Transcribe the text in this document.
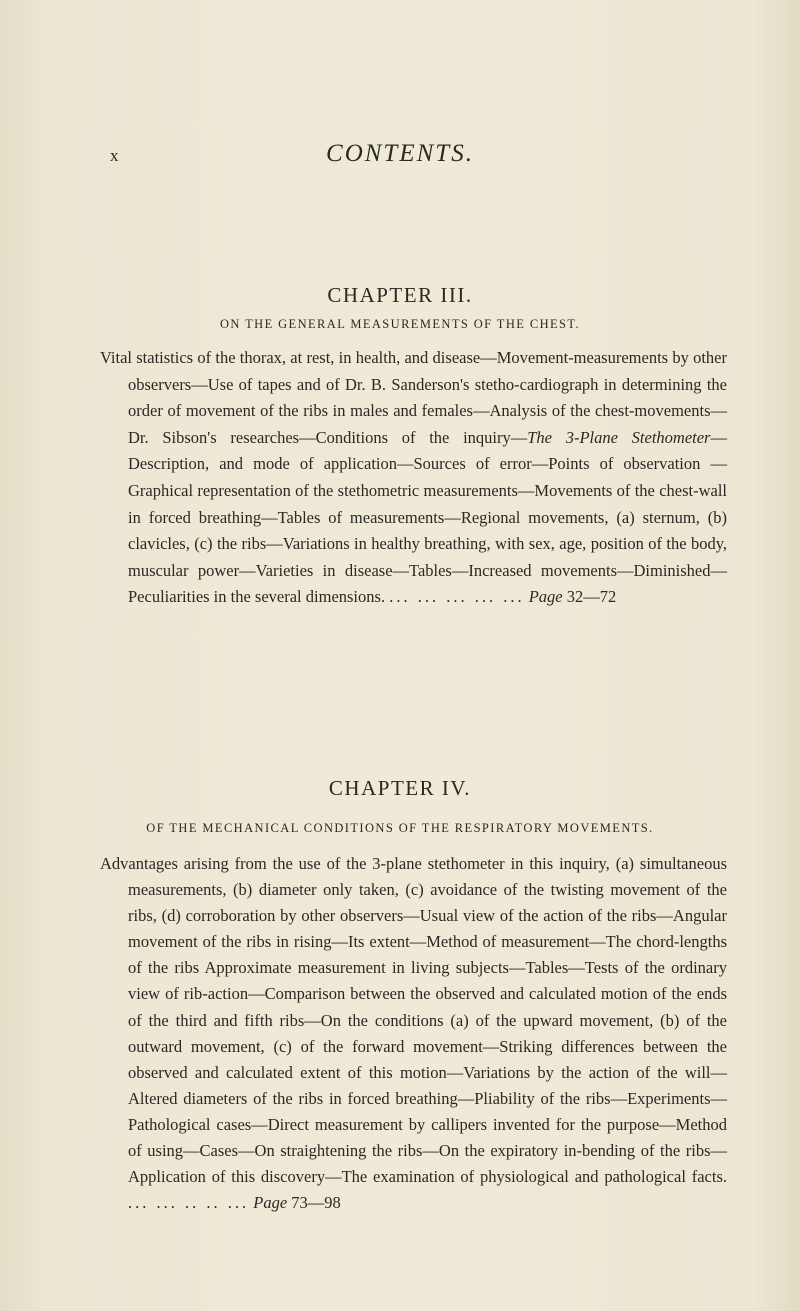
x	CONTENTS.
CHAPTER III.
ON THE GENERAL MEASUREMENTS OF THE CHEST.

Vital statistics of the thorax, at rest, in health, and disease—Movement-measurements by other observers—Use of tapes and of Dr. B. Sanderson's stetho-cardiograph in determining the order of movement of the ribs in males and females—Analysis of the chest-movements—Dr. Sibson's researches—Conditions of the inquiry—The 3-Plane Stethometer—Description, and mode of application—Sources of error—Points of observation — Graphical representation of the stethometric measurements—Movements of the chest-wall in forced breathing—Tables of measurements—Regional movements, (a) sternum, (b) clavicles, (c) the ribs—Variations in healthy breathing, with sex, age, position of the body, muscular power—Varieties in disease—Tables—Increased movements—Diminished—Peculiarities in the several dimensions. ... ... ... ... ... Page 32—72

CHAPTER IV.
OF THE MECHANICAL CONDITIONS OF THE RESPIRATORY MOVEMENTS.

Advantages arising from the use of the 3-plane stethometer in this inquiry, (a) simultaneous measurements, (b) diameter only taken, (c) avoidance of the twisting movement of the ribs, (d) corroboration by other observers—Usual view of the action of the ribs—Angular movement of the ribs in rising—Its extent—Method of measurement—The chord-lengths of the ribs Approximate measurement in living subjects—Tables—Tests of the ordinary view of rib-action—Comparison between the observed and calculated motion of the ends of the third and fifth ribs—On the conditions (a) of the upward movement, (b) of the outward movement, (c) of the forward movement—Striking differences between the observed and calculated extent of this motion—Variations by the action of the will—Altered diameters of the ribs in forced breathing—Pliability of the ribs—Experiments—Pathological cases—Direct measurement by callipers invented for the purpose—Method of using—Cases—On straightening the ribs—On the expiratory in-bending of the ribs—Application of this discovery—The examination of physiological and pathological facts. ... ... .. .. ... Page 73—98
